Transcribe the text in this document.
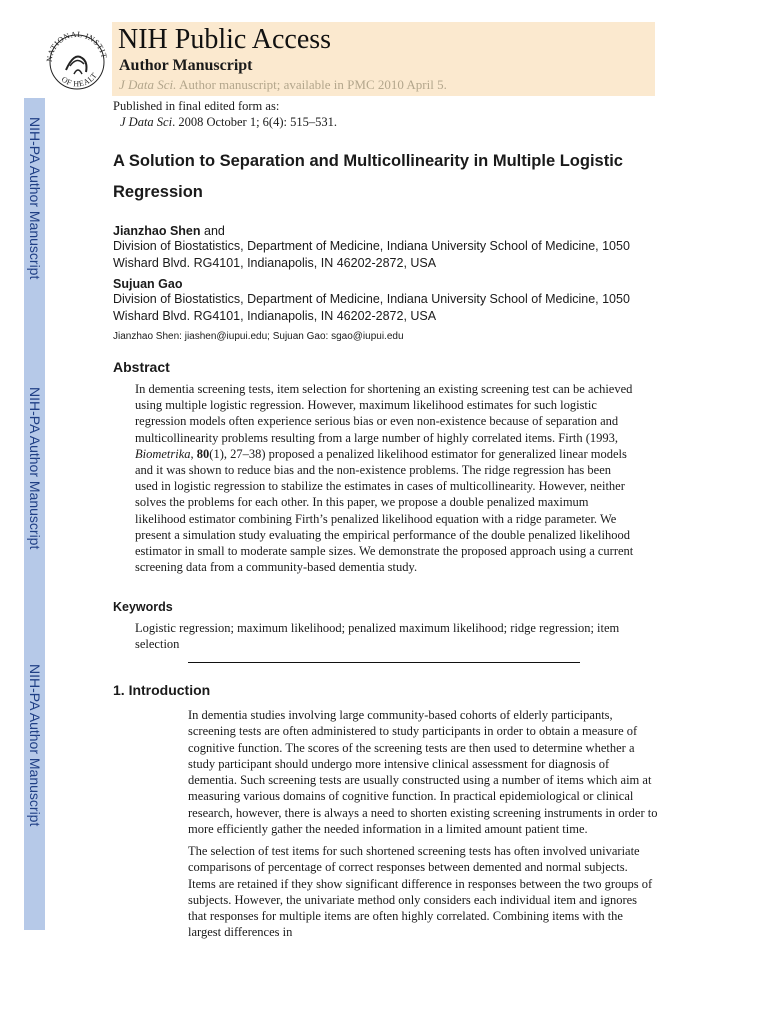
NIH-PA Author Manuscript
NIH-PA Author Manuscript
NIH-PA Author Manuscript
NATIONAL INSTIT
OF HEALT
NIH Public Access
Author Manuscript
J Data Sci. Author manuscript; available in PMC 2010 April 5.
Published in final edited form as:
J Data Sci. 2008 October 1; 6(4): 515–531.
A Solution to Separation and Multicollinearity in Multiple Logistic Regression
Jianzhao Shen and
Division of Biostatistics, Department of Medicine, Indiana University School of Medicine, 1050 Wishard Blvd. RG4101, Indianapolis, IN 46202-2872, USA
Sujuan Gao
Division of Biostatistics, Department of Medicine, Indiana University School of Medicine, 1050 Wishard Blvd. RG4101, Indianapolis, IN 46202-2872, USA
Jianzhao Shen: jiashen@iupui.edu; Sujuan Gao: sgao@iupui.edu
Abstract
In dementia screening tests, item selection for shortening an existing screening test can be achieved using multiple logistic regression. However, maximum likelihood estimates for such logistic regression models often experience serious bias or even non-existence because of separation and multicollinearity problems resulting from a large number of highly correlated items. Firth (1993, Biometrika, 80(1), 27–38) proposed a penalized likelihood estimator for generalized linear models and it was shown to reduce bias and the non-existence problems. The ridge regression has been used in logistic regression to stabilize the estimates in cases of multicollinearity. However, neither solves the problems for each other. In this paper, we propose a double penalized maximum likelihood estimator combining Firth’s penalized likelihood equation with a ridge parameter. We present a simulation study evaluating the empirical performance of the double penalized likelihood estimator in small to moderate sample sizes. We demonstrate the proposed approach using a current screening data from a community-based dementia study.
Keywords
Logistic regression; maximum likelihood; penalized maximum likelihood; ridge regression; item selection
1. Introduction
In dementia studies involving large community-based cohorts of elderly participants, screening tests are often administered to study participants in order to obtain a measure of cognitive function. The scores of the screening tests are then used to determine whether a study participant should undergo more intensive clinical assessment for diagnosis of dementia. Such screening tests are usually constructed using a number of items which aim at measuring various domains of cognitive function. In practical epidemiological or clinical research, however, there is always a need to shorten existing screening instruments in order to more efficiently gather the needed information in a limited amount patient time.
The selection of test items for such shortened screening tests has often involved univariate comparisons of percentage of correct responses between demented and normal subjects. Items are retained if they show significant difference in responses between the two groups of subjects. However, the univariate method only considers each individual item and ignores that responses for multiple items are often highly correlated. Combining items with the largest differences in
